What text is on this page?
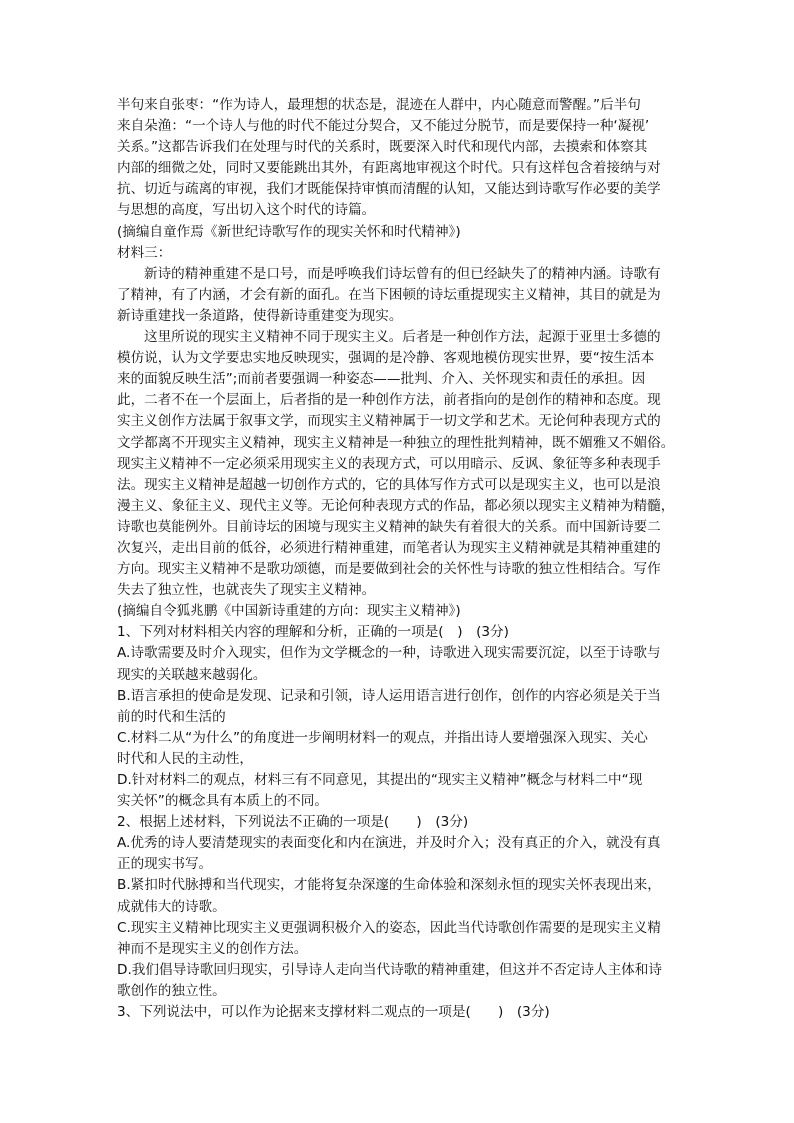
半句来自张枣：“作为诗人，最理想的状态是，混迹在人群中，内心随意而警醒。”后半句
来自朵渔：“一个诗人与他的时代不能过分契合，又不能过分脱节，而是要保持一种‘凝视’
关系。”这都告诉我们在处理与时代的关系时，既要深入时代和现代内部，去摸索和体察其
内部的细微之处，同时又要能跳出其外，有距离地审视这个时代。只有这样包含着接纳与对
抗、切近与疏离的审视，我们才既能保持审慎而清醒的认知，又能达到诗歌写作必要的美学
与思想的高度，写出切入这个时代的诗篇。
(摘编自童作焉《新世纪诗歌写作的现实关怀和时代精神》)
材料三：
新诗的精神重建不是口号，而是呼唤我们诗坛曾有的但已经缺失了的精神内涵。诗歌有
了精神，有了内涵，才会有新的面孔。在当下困顿的诗坛重提现实主义精神，其目的就是为
新诗重建找一条道路，使得新诗重建变为现实。
这里所说的现实主义精神不同于现实主义。后者是一种创作方法，起源于亚里士多德的
模仿说，认为文学要忠实地反映现实，强调的是冷静、客观地模仿现实世界，要“按生活本
来的面貌反映生活”;而前者要强调一种姿态——批判、介入、关怀现实和责任的承担。因
此，二者不在一个层面上，后者指的是一种创作方法，前者指向的是创作的精神和态度。现
实主义创作方法属于叙事文学，而现实主义精神属于一切文学和艺术。无论何种表现方式的
文学都离不开现实主义精神，现实主义精神是一种独立的理性批判精神，既不媚雅又不媚俗。
现实主义精神不一定必须采用现实主义的表现方式，可以用暗示、反讽、象征等多种表现手
法。现实主义精神是超越一切创作方式的，它的具体写作方式可以是现实主义，也可以是浪
漫主义、象征主义、现代主义等。无论何种表现方式的作品，都必须以现实主义精神为精髓，
诗歌也莫能例外。目前诗坛的困境与现实主义精神的缺失有着很大的关系。而中国新诗要二
次复兴，走出目前的低谷，必须进行精神重建，而笔者认为现实主义精神就是其精神重建的
方向。现实主义精神不是歌功颂德，而是要做到社会的关怀性与诗歌的独立性相结合。写作
失去了独立性，也就丧失了现实主义精神。
(摘编自令狐兆鹏《中国新诗重建的方向：现实主义精神》)
1、下列对材料相关内容的理解和分析，正确的一项是(　)　(3分)
A.诗歌需要及时介入现实，但作为文学概念的一种，诗歌进入现实需要沉淀，以至于诗歌与
现实的关联越来越弱化。
B.语言承担的使命是发现、记录和引领，诗人运用语言进行创作，创作的内容必须是关于当
前的时代和生活的
C.材料二从“为什么”的角度进一步阐明材料一的观点，并指出诗人要增强深入现实、关心
时代和人民的主动性，
D.针对材料二的观点，材料三有不同意见，其提出的“现实主义精神”概念与材料二中“现
实关怀”的概念具有本质上的不同。
2、根据上述材料，下列说法不正确的一项是(　　)　(3分)
A.优秀的诗人要清楚现实的表面变化和内在演进，并及时介入；没有真正的介入，就没有真
正的现实书写。
B.紧扣时代脉搏和当代现实，才能将复杂深邃的生命体验和深刻永恒的现实关怀表现出来，
成就伟大的诗歌。
C.现实主义精神比现实主义更强调积极介入的姿态，因此当代诗歌创作需要的是现实主义精
神而不是现实主义的创作方法。
D.我们倡导诗歌回归现实，引导诗人走向当代诗歌的精神重建，但这并不否定诗人主体和诗
歌创作的独立性。
3、下列说法中，可以作为论据来支撑材料二观点的一项是(　　)　(3分)
